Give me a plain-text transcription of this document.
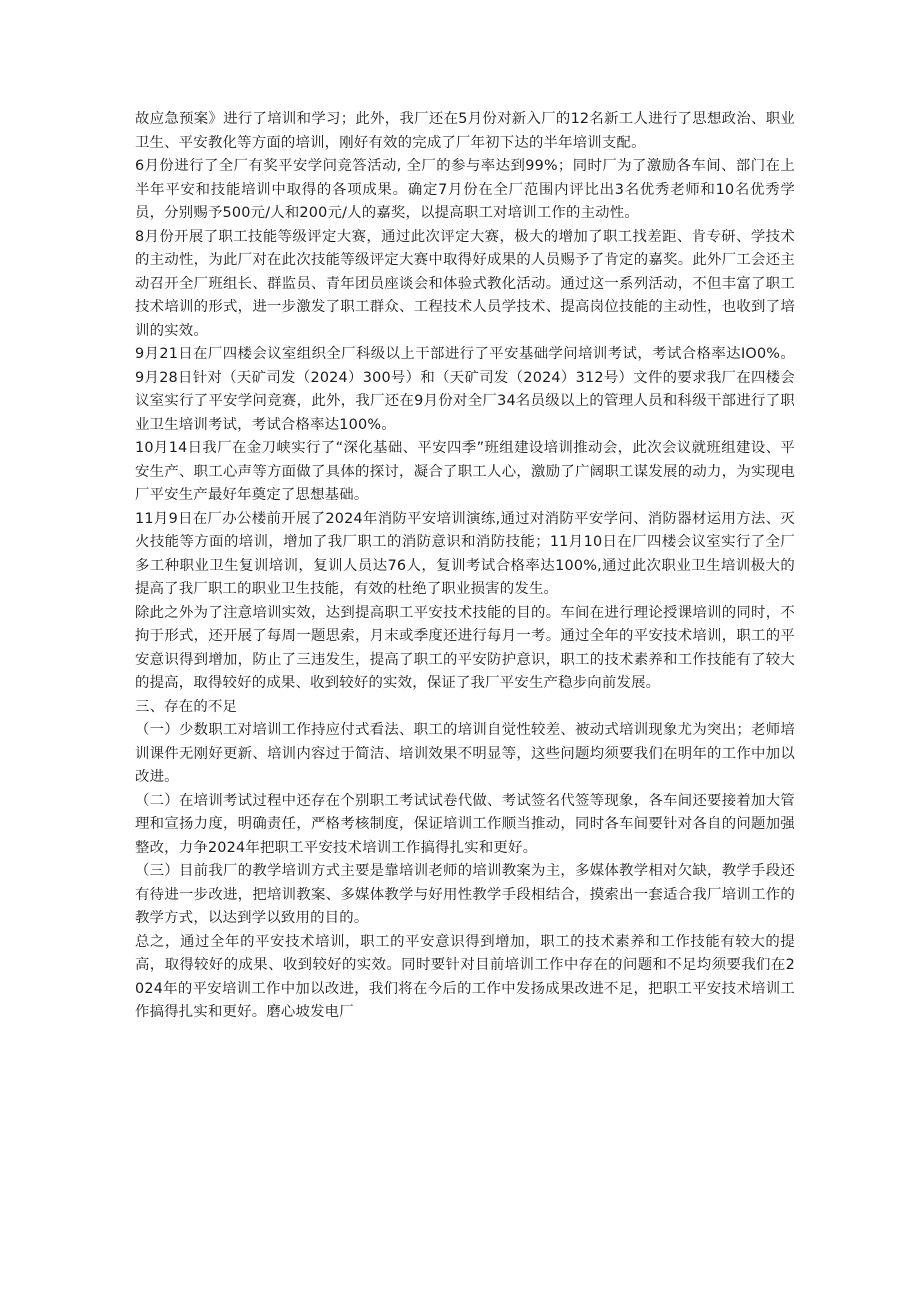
故应急预案》进行了培训和学习；此外，我厂还在5月份对新入厂的12名新工人进行了思想政治、职业卫生、平安教化等方面的培训，刚好有效的完成了厂年初下达的半年培训支配。

6月份进行了全厂有奖平安学问竞答活动, 全厂的参与率达到99%；同时厂为了激励各车间、部门在上半年平安和技能培训中取得的各项成果。确定7月份在全厂范围内评比出3名优秀老师和10名优秀学员，分别赐予500元/人和200元/人的嘉奖，以提高职工对培训工作的主动性。

8月份开展了职工技能等级评定大赛，通过此次评定大赛，极大的增加了职工找差距、肯专研、学技术的主动性，为此厂对在此次技能等级评定大赛中取得好成果的人员赐予了肯定的嘉奖。此外厂工会还主动召开全厂班组长、群监员、青年团员座谈会和体验式教化活动。通过这一系列活动，不但丰富了职工技术培训的形式，进一步激发了职工群众、工程技术人员学技术、提高岗位技能的主动性，也收到了培训的实效。

9月21日在厂四楼会议室组织全厂科级以上干部进行了平安基础学问培训考试，考试合格率达IO0%。9月28日针对（天矿司发（2024）300号）和（天矿司发（2024）312号）文件的要求我厂在四楼会议室实行了平安学问竞赛，此外，我厂还在9月份对全厂34名员级以上的管理人员和科级干部进行了职业卫生培训考试，考试合格率达100%。

10月14日我厂在金刀峡实行了“深化基础、平安四季”班组建设培训推动会，此次会议就班组建设、平安生产、职工心声等方面做了具体的探讨，凝合了职工人心，激励了广阔职工谋发展的动力，为实现电厂平安生产最好年奠定了思想基础。

11月9日在厂办公楼前开展了2024年消防平安培训演练,通过对消防平安学问、消防器材运用方法、灭火技能等方面的培训，增加了我厂职工的消防意识和消防技能；11月10日在厂四楼会议室实行了全厂多工种职业卫生复训培训，复训人员达76人，复训考试合格率达100%,通过此次职业卫生培训极大的提高了我厂职工的职业卫生技能，有效的杜绝了职业损害的发生。

除此之外为了注意培训实效，达到提高职工平安技术技能的目的。车间在进行理论授课培训的同时，不拘于形式，还开展了每周一题思索，月末或季度还进行每月一考。通过全年的平安技术培训，职工的平安意识得到增加，防止了三违发生，提高了职工的平安防护意识，职工的技术素养和工作技能有了较大的提高，取得较好的成果、收到较好的实效，保证了我厂平安生产稳步向前发展。

三、存在的不足

（一）少数职工对培训工作持应付式看法、职工的培训自觉性较差、被动式培训现象尤为突出；老师培训课件无刚好更新、培训内容过于简洁、培训效果不明显等，这些问题均须要我们在明年的工作中加以改进。

（二）在培训考试过程中还存在个别职工考试试卷代做、考试签名代签等现象，各车间还要接着加大管理和宣扬力度，明确责任，严格考核制度，保证培训工作顺当推动，同时各车间要针对各自的问题加强整改，力争2024年把职工平安技术培训工作搞得扎实和更好。

（三）目前我厂的教学培训方式主要是靠培训老师的培训教案为主，多媒体教学相对欠缺，教学手段还有待进一步改进，把培训教案、多媒体教学与好用性教学手段相结合，摸索出一套适合我厂培训工作的教学方式，以达到学以致用的目的。

总之，通过全年的平安技术培训，职工的平安意识得到增加，职工的技术素养和工作技能有较大的提高，取得较好的成果、收到较好的实效。同时要针对目前培训工作中存在的问题和不足均须要我们在2024年的平安培训工作中加以改进，我们将在今后的工作中发扬成果改进不足，把职工平安技术培训工作搞得扎实和更好。磨心坡发电厂
